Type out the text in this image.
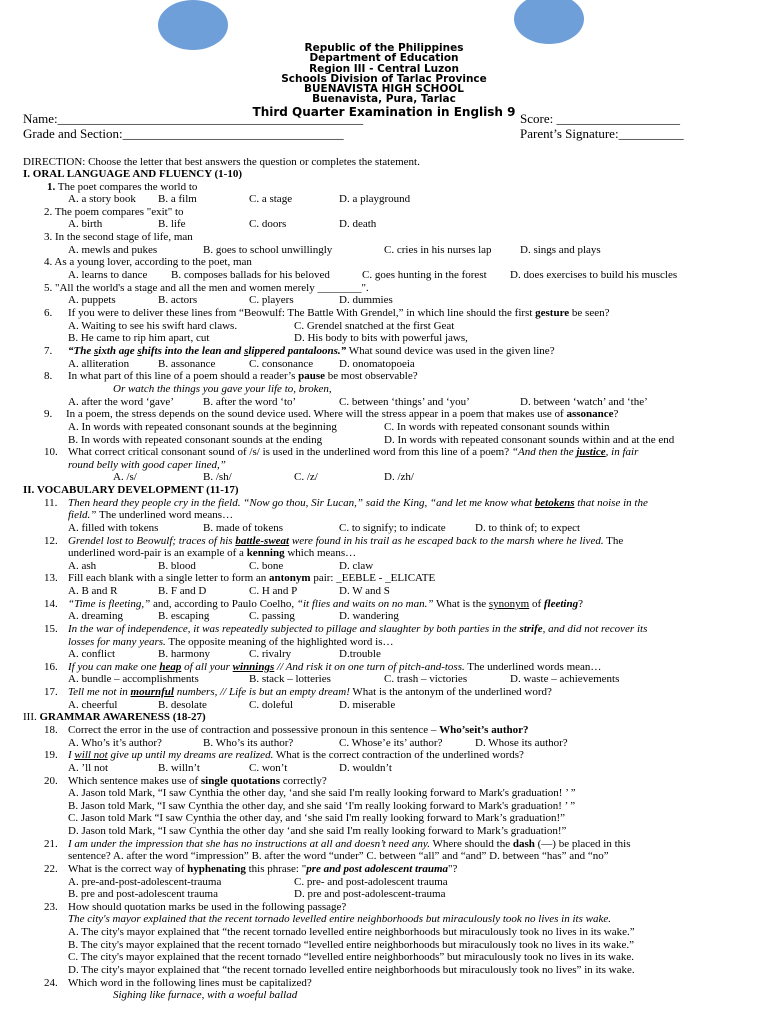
Republic of the Philippines
Department of Education
Region III - Central Luzon
Schools Division of Tarlac Province
BUENAVISTA HIGH SCHOOL
Buenavista, Pura, Tarlac
Third Quarter Examination in English 9
Name:_______________________________________________	Score: ___________________
Grade and Section:__________________________________	Parent’s Signature:__________
DIRECTION: Choose the letter that best answers the question or completes the statement.
I. ORAL LANGUAGE AND FLUENCY (1-10)
1. The poet compares the world to
A. a story book B. a film	C. a stage	D. a playground
2. The poem compares "exit" to
A. birth	B. life	C. doors	D. death
3. In the second stage of life, man
A. mewls and pukes	B. goes to school unwillingly	C. cries in his nurses lap	D. sings and plays
4. As a young lover, according to the poet, man
A. learns to dance B. composes ballads for his beloved	C. goes hunting in the forest D. does exercises to build his muscles
5. "All the world's a stage and all the men and women merely ________".
A. puppets	B. actors	C. players	D. dummies
6. If you were to deliver these lines from “Beowulf: The Battle With Grendel,” in which line should the first gesture be seen?
A. Waiting to see his swift hard claws.	C. Grendel snatched at the first Geat
B. He came to rip him apart, cut	D. His body to bits with powerful jaws,
7. “The sixth age shifts into the lean and slippered pantaloons.” What sound device was used in the given line?
A. alliteration	B. assonance	C. consonance D. onomatopoeia
8. In what part of this line of a poem should a reader’s pause be most observable?
Or watch the things you gave your life to, broken,
A. after the word ‘gave’	B. after the word ‘to’	C. between ‘things’ and ‘you’	D. between ‘watch’ and ‘the’
9. In a poem, the stress depends on the sound device used. Where will the stress appear in a poem that makes use of assonance?
A. In words with repeated consonant sounds at the beginning	C. In words with repeated consonant sounds within
B. In words with repeated consonant sounds at the ending	D. In words with repeated consonant sounds within and at the end
10. What correct critical consonant sound of /s/ is used in the underlined word from this line of a poem? “And then the justice, in fair
round belly with good caper lined,”
A. /s/	B. /sh/	C. /z/	D. /zh/
II. VOCABULARY DEVELOPMENT (11-17)
11. Then heard they people cry in the field. “Now go thou, Sir Lucan,” said the King, “and let me know what betokens that noise in the
field.” The underlined word means…
A. filled with tokens	B. made of tokens	C. to signify; to indicate	D. to think of; to expect
12. Grendel lost to Beowulf; traces of his battle-sweat were found in his trail as he escaped back to the marsh where he lived. The
underlined word-pair is an example of a kenning which means…
A. ash	B. blood	C. bone	D. claw
13. Fill each blank with a single letter to form an antonym pair: _EEBLE - _ELICATE
A. B and R	B. F and D	C. H and P	D. W and S
14. “Time is fleeting,” and, according to Paulo Coelho, “it flies and waits on no man.” What is the synonym of fleeting?
A. dreaming	B. escaping	C. passing	D. wandering
15. In the war of independence, it was repeatedly subjected to pillage and slaughter by both parties in the strife, and did not recover its
losses for many years. The opposite meaning of the highlighted word is…
A. conflict	B. harmony	C. rivalry	D.trouble
16. If you can make one heap of all your winnings // And risk it on one turn of pitch-and-toss. The underlined words mean…
A. bundle – accomplishments	B. stack – lotteries	C. trash – victories	D. waste – achievements
17. Tell me not in mournful numbers, // Life is but an empty dream! What is the antonym of the underlined word?
A. cheerful	B. desolate	C. doleful	D. miserable
III. GRAMMAR AWARENESS (18-27)
18. Correct the error in the use of contraction and possessive pronoun in this sentence – Who’seit’s author?
A. Who’s it’s author?	B. Who’s its author?	C. Whose’e its’ author?	D. Whose its author?
19. I will not give up until my dreams are realized. What is the correct contraction of the underlined words?
A. ’ll not	B. willn’t	C. won’t	D. wouldn’t
20. Which sentence makes use of single quotations correctly?
A. Jason told Mark, “I saw Cynthia the other day, ‘and she said I'm really looking forward to Mark's graduation! ’ ”
B. Jason told Mark, “I saw Cynthia the other day, and she said ‘I'm really looking forward to Mark's graduation! ’ ”
C. Jason told Mark “I saw Cynthia the other day, and ‘she said I'm really looking forward to Mark’s graduation!”
D. Jason told Mark, “I saw Cynthia the other day ‘and she said I'm really looking forward to Mark’s graduation!”
21. I am under the impression that she has no instructions at all and doesn’t need any. Where should the dash (—) be placed in this
sentence? A. after the word “impression” B. after the word “under” C. between “all” and “and” D. between “has” and “no”
22. What is the correct way of hyphenating this phrase: "pre and post adolescent trauma"?
A. pre-and-post-adolescent-trauma	C. pre- and post-adolescent trauma
B. pre and post-adolescent trauma	D. pre and post-adolescent-trauma
23. How should quotation marks be used in the following passage?
The city's mayor explained that the recent tornado levelled entire neighborhoods but miraculously took no lives in its wake.
A. The city's mayor explained that “the recent tornado levelled entire neighborhoods but miraculously took no lives in its wake.”
B. The city's mayor explained that the recent tornado “levelled entire neighborhoods but miraculously took no lives in its wake.”
C. The city's mayor explained that the recent tornado “levelled entire neighborhoods” but miraculously took no lives in its wake.
D. The city's mayor explained that “the recent tornado levelled entire neighborhoods but miraculously took no lives” in its wake.
24. Which word in the following lines must be capitalized?
Sighing like furnace, with a woeful ballad
